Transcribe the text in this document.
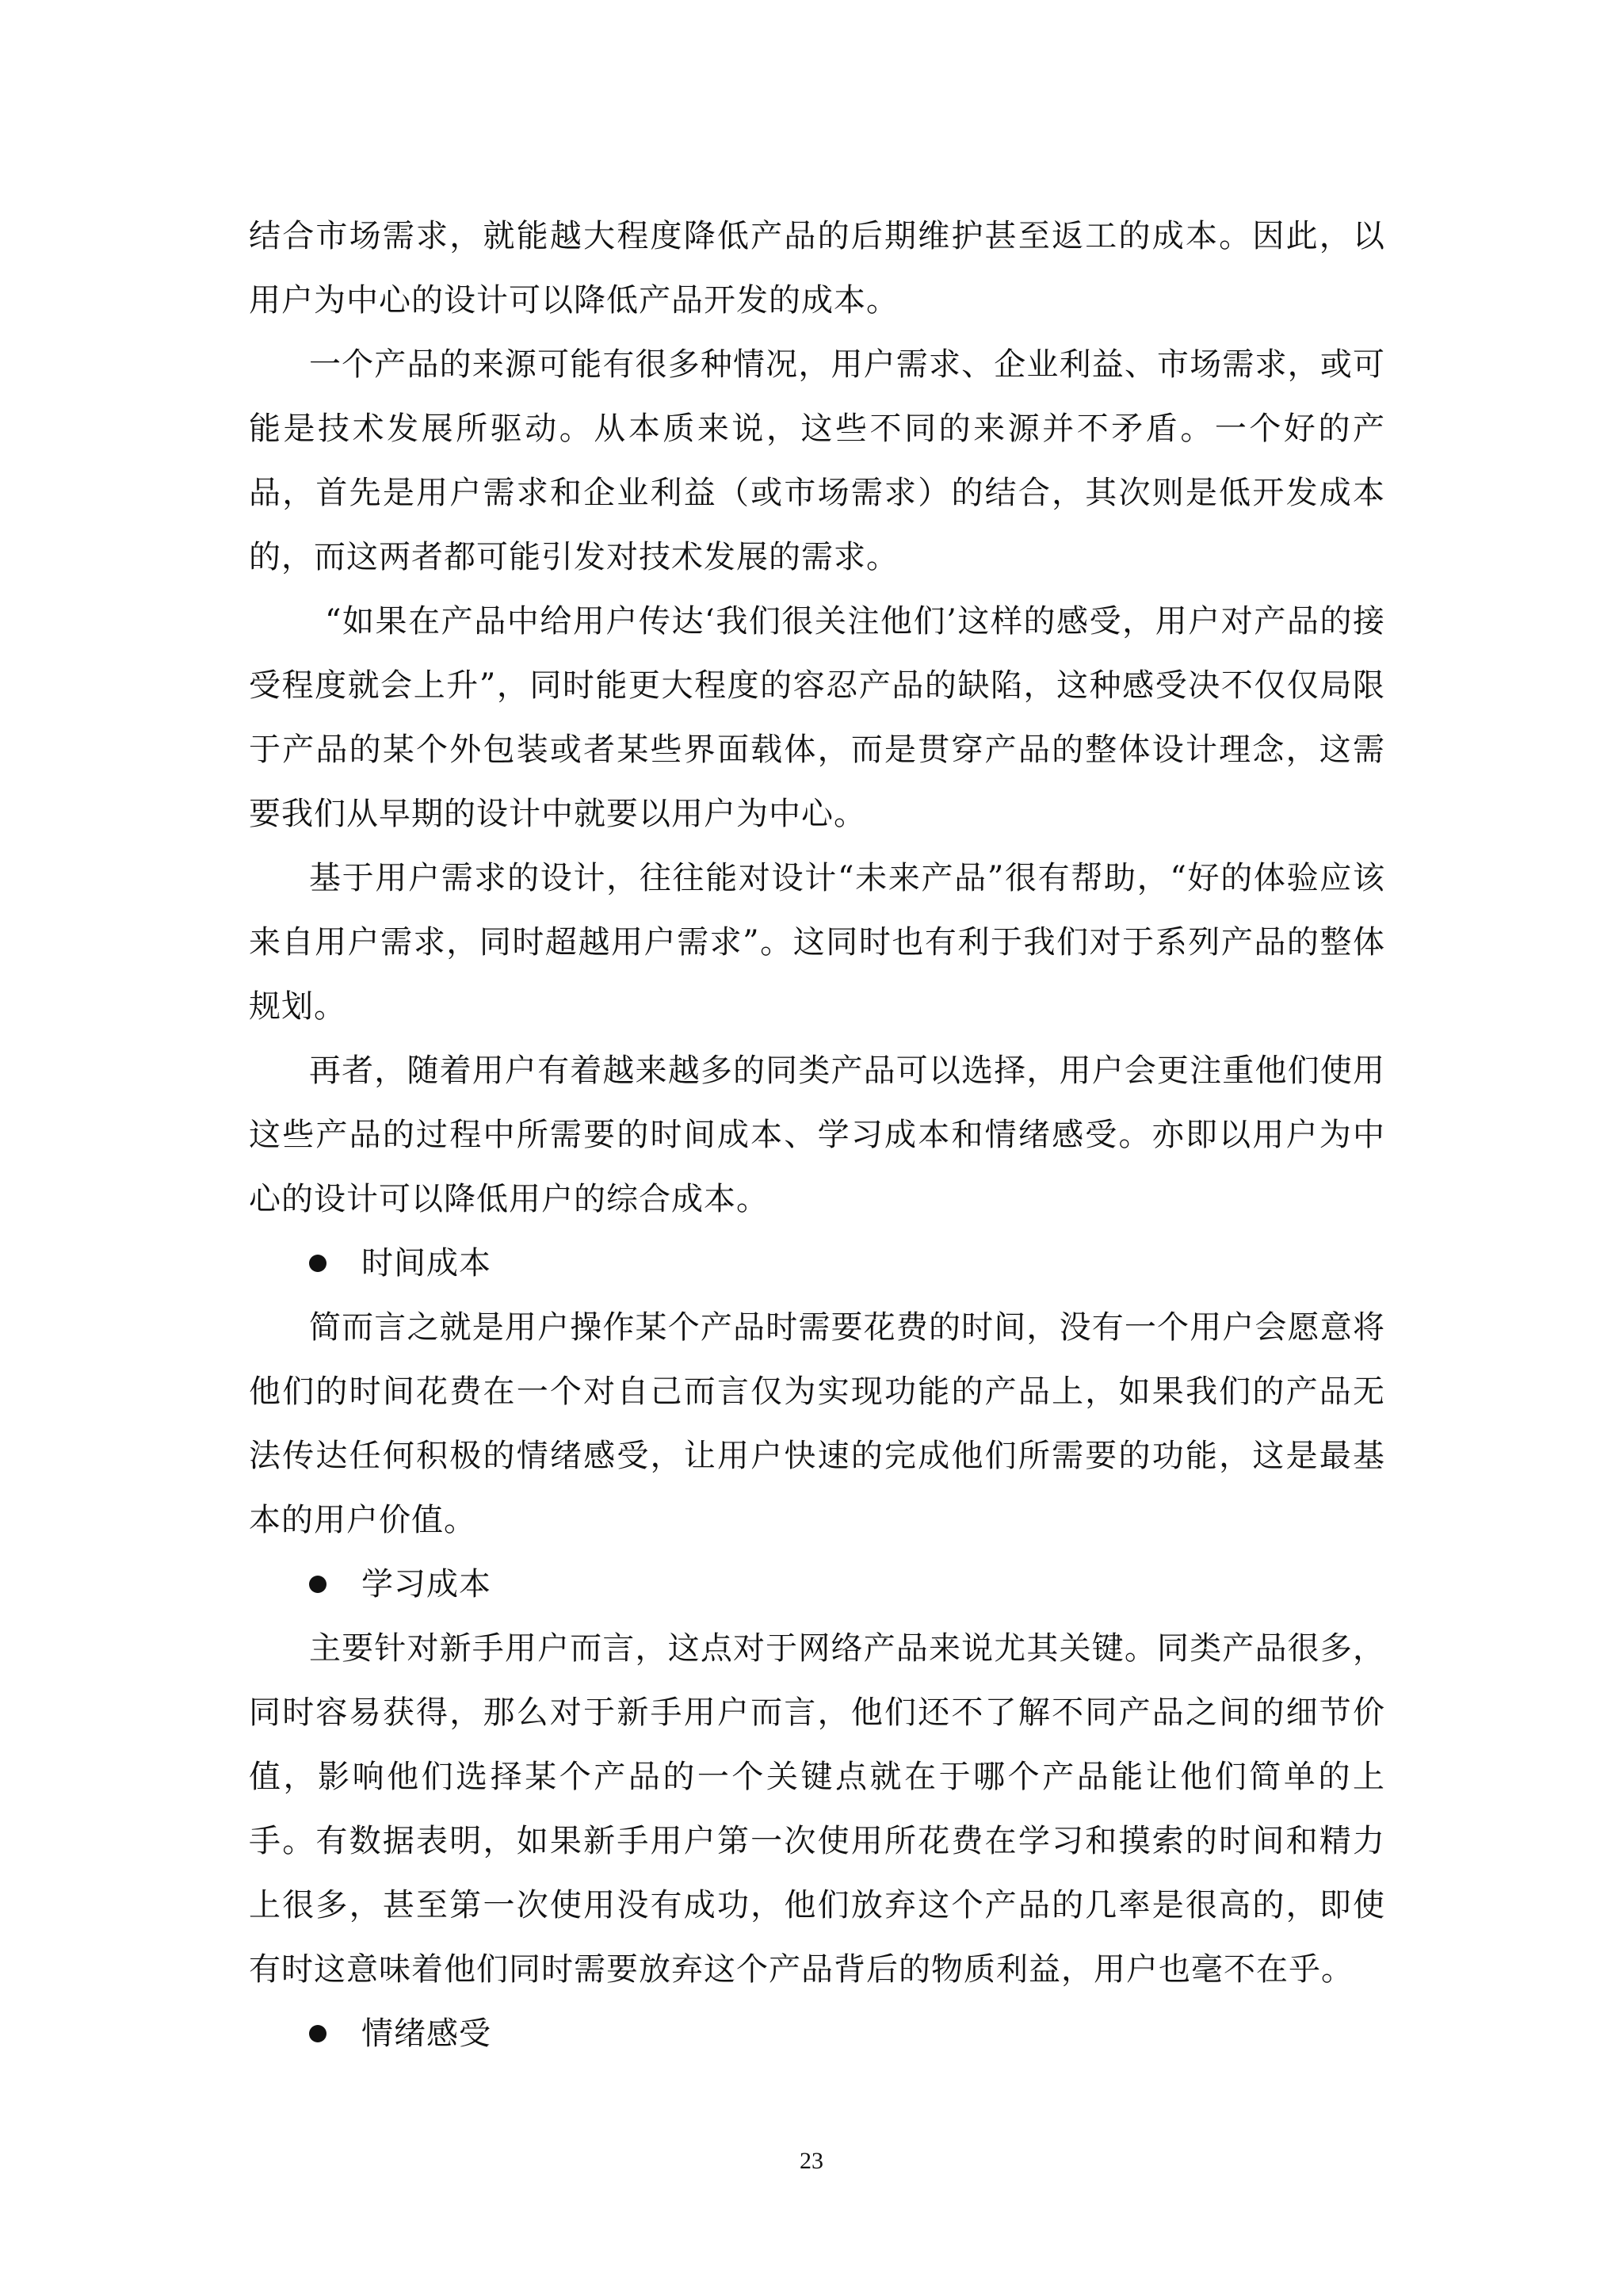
结合市场需求，就能越大程度降低产品的后期维护甚至返工的成本。因此，以用户为中心的设计可以降低产品开发的成本。

一个产品的来源可能有很多种情况，用户需求、企业利益、市场需求，或可能是技术发展所驱动。从本质来说，这些不同的来源并不矛盾。一个好的产品，首先是用户需求和企业利益（或市场需求）的结合，其次则是低开发成本的，而这两者都可能引发对技术发展的需求。

“如果在产品中给用户传达‘我们很关注他们’这样的感受，用户对产品的接受程度就会上升”，同时能更大程度的容忍产品的缺陷，这种感受决不仅仅局限于产品的某个外包装或者某些界面载体，而是贯穿产品的整体设计理念，这需要我们从早期的设计中就要以用户为中心。

基于用户需求的设计，往往能对设计“未来产品”很有帮助，“好的体验应该来自用户需求，同时超越用户需求”。这同时也有利于我们对于系列产品的整体规划。

再者，随着用户有着越来越多的同类产品可以选择，用户会更注重他们使用这些产品的过程中所需要的时间成本、学习成本和情绪感受。亦即以用户为中心的设计可以降低用户的综合成本。

时间成本

简而言之就是用户操作某个产品时需要花费的时间，没有一个用户会愿意将他们的时间花费在一个对自己而言仅为实现功能的产品上，如果我们的产品无法传达任何积极的情绪感受，让用户快速的完成他们所需要的功能，这是最基本的用户价值。

学习成本

主要针对新手用户而言，这点对于网络产品来说尤其关键。同类产品很多，同时容易获得，那么对于新手用户而言，他们还不了解不同产品之间的细节价值，影响他们选择某个产品的一个关键点就在于哪个产品能让他们简单的上手。有数据表明，如果新手用户第一次使用所花费在学习和摸索的时间和精力上很多，甚至第一次使用没有成功，他们放弃这个产品的几率是很高的，即使有时这意味着他们同时需要放弃这个产品背后的物质利益，用户也毫不在乎。

情绪感受
23
